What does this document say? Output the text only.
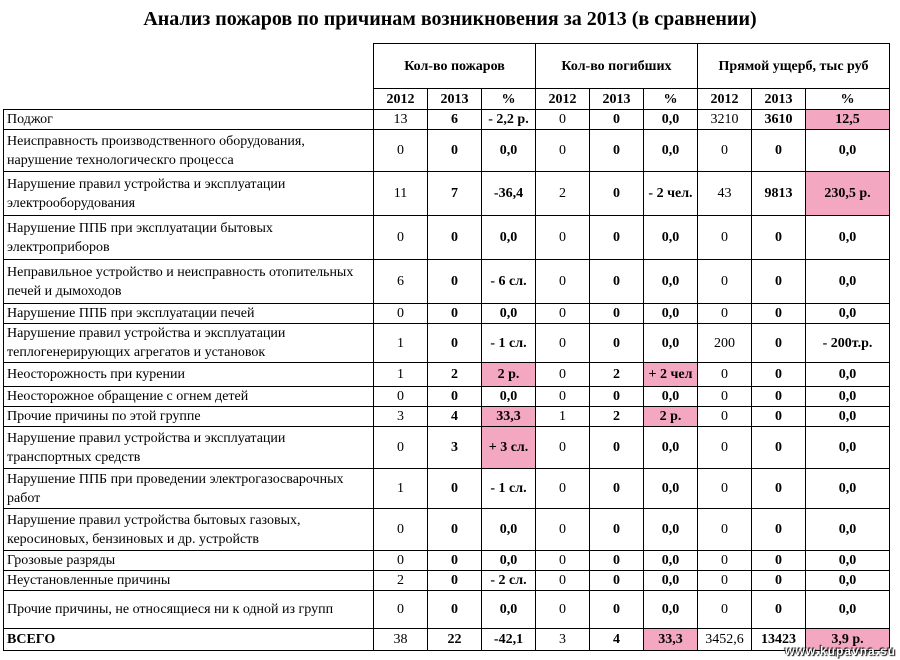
Анализ пожаров по причинам возникновения за 2013 (в сравнении)
	Кол-во пожаров			Кол-во погибших			Прямой ущерб, тыс руб		
	2012	2013	%	2012	2013	%	2012	2013	%
Поджог	13	6	- 2,2 р.	0	0	0,0	3210	3610	12,5
Неисправность производственного оборудования, нарушение технологическго процесса	0	0	0,0	0	0	0,0	0	0	0,0
Нарушение правил устройства и эксплуатации электрооборудования	11	7	-36,4	2	0	- 2 чел.	43	9813	230,5 р.
Нарушение ППБ при эксплуатации бытовых электроприборов	0	0	0,0	0	0	0,0	0	0	0,0
Неправильное устройство и неисправность отопительных печей и дымоходов	6	0	- 6 сл.	0	0	0,0	0	0	0,0
Нарушение ППБ при эксплуатации печей	0	0	0,0	0	0	0,0	0	0	0,0
Нарушение правил устройства и эксплуатации теплогенерирующих агрегатов и установок	1	0	- 1 сл.	0	0	0,0	200	0	- 200т.р.
Неосторожность при курении	1	2	2 р.	0	2	+ 2 чел	0	0	0,0
Неосторожное обращение с огнем детей	0	0	0,0	0	0	0,0	0	0	0,0
Прочие причины по этой группе	3	4	33,3	1	2	2 р.	0	0	0,0
Нарушение правил устройства и эксплуатации транспортных средств	0	3	+ 3 сл.	0	0	0,0	0	0	0,0
Нарушение ППБ при проведении электрогазосварочных работ	1	0	- 1 сл.	0	0	0,0	0	0	0,0
Нарушение правил устройства бытовых газовых, керосиновых, бензиновых и др. устройств	0	0	0,0	0	0	0,0	0	0	0,0
Грозовые разряды	0	0	0,0	0	0	0,0	0	0	0,0
Неустановленные причины	2	0	- 2 сл.	0	0	0,0	0	0	0,0
Прочие причины, не относящиеся ни к одной из групп	0	0	0,0	0	0	0,0	0	0	0,0
ВСЕГО	38	22	-42,1	3	4	33,3	3452,6	13423	3,9 р.
www.kupavna.su
